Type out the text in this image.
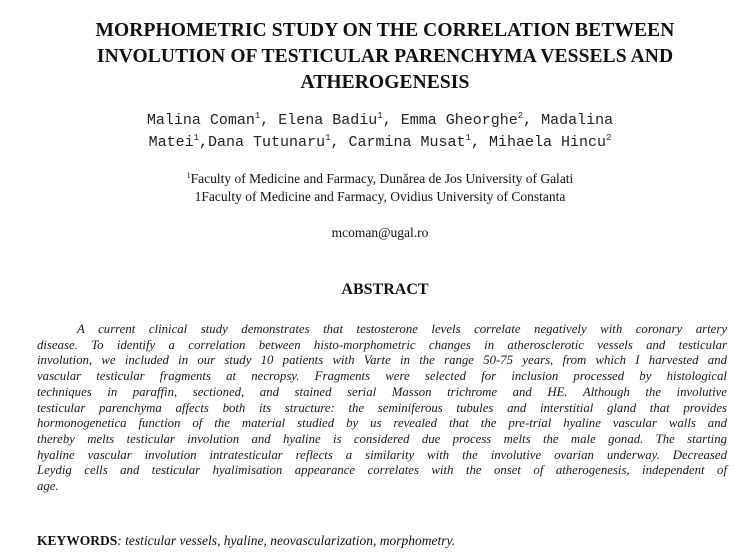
MORPHOMETRIC STUDY ON THE CORRELATION BETWEEN
INVOLUTION OF TESTICULAR PARENCHYMA VESSELS AND
ATHEROGENESIS
Malina Coman$^1$, Elena Badiu$^1$, Emma Gheorghe$^2$, Madalina
Matei$^1$,Dana Tutunaru$^1$, Carmina Musat$^1$, Mihaela Hincu$^2$
$^1$Faculty of Medicine and Farmacy, Dunărea de Jos University of Galati
1Faculty of Medicine and Farmacy, Ovidius University of Constanta
mcoman@ugal.ro
ABSTRACT
A current clinical study demonstrates that testosterone levels correlate negatively with coronary artery
disease. To identify a correlation between histo-morphometric changes in atherosclerotic vessels and testicular
involution, we included in our study 10 patients with Varte in the range 50-75 years, from which I harvested and
vascular testicular fragments at necropsy. Fragments were selected for inclusion processed by histological
techniques in paraffin, sectioned, and stained serial Masson trichrome and HE. Although the involutive
testicular parenchyma affects both its structure: the seminiferous tubules and interstitial gland that provides
hormonogenetica function of the material studied by us revealed that the pre-trial hyaline vascular walls and
thereby melts testicular involution and hyaline is considered due process melts the male gonad. The starting
hyaline vascular involution intratesticular reflects a similarity with the involutive ovarian underway. Decreased
Leydig cells and testicular hyalimisation appearance correlates with the onset of atherogenesis, independent of
age.
KEYWORDS: testicular vessels, hyaline, neovascularization, morphometry.
